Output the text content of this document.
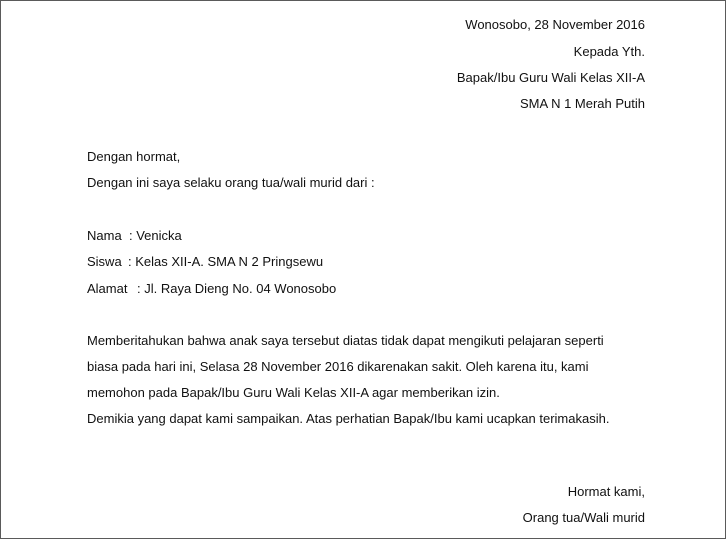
Wonosobo, 28 November 2016
Kepada Yth.
Bapak/Ibu Guru Wali Kelas XII-A
SMA N 1 Merah Putih
Dengan hormat,
Dengan ini saya selaku orang tua/wali murid dari :
Nama : Venicka
Siswa : Kelas XII-A. SMA N 2 Pringsewu
Alamat : Jl. Raya Dieng No. 04 Wonosobo
Memberitahukan bahwa anak saya tersebut diatas tidak dapat mengikuti pelajaran seperti
biasa pada hari ini, Selasa 28 November 2016 dikarenakan sakit. Oleh karena itu, kami
memohon pada Bapak/Ibu Guru Wali Kelas XII-A agar memberikan izin.
Demikia yang dapat kami sampaikan. Atas perhatian Bapak/Ibu kami ucapkan terimakasih.
Hormat kami,
Orang tua/Wali murid
